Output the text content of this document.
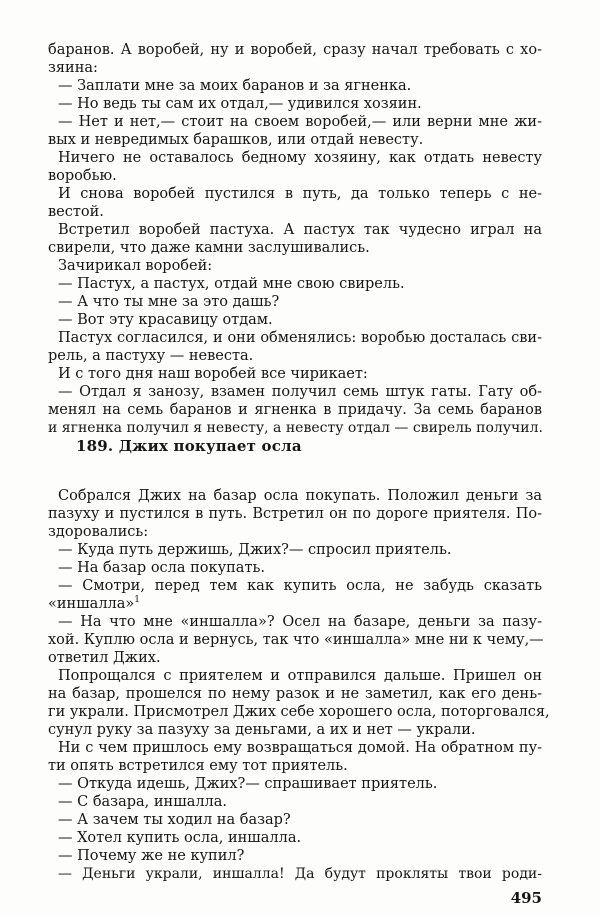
баранов. А воробей, ну и воробей, сразу начал требовать с хо-
зяина:
— Заплати мне за моих баранов и за ягненка.
— Но ведь ты сам их отдал,— удивился хозяин.
— Нет и нет,— стоит на своем воробей,— или верни мне жи-
вых и невредимых барашков, или отдай невесту.
Ничего не оставалось бедному хозяину, как отдать невесту
воробью.
И снова воробей пустился в путь, да только теперь с не-
вестой.
Встретил воробей пастуха. А пастух так чудесно играл на
свирели, что даже камни заслушивались.
Зачирикал воробей:
— Пастух, а пастух, отдай мне свою свирель.
— А что ты мне за это дашь?
— Вот эту красавицу отдам.
Пастух согласился, и они обменялись: воробью досталась сви-
рель, а пастуху — невеста.
И с того дня наш воробей все чирикает:
— Отдал я занозу, взамен получил семь штук гаты. Гату об-
менял на семь баранов и ягненка в придачу. За семь баранов
и ягненка получил я невесту, а невесту отдал — свирель получил.
189. Джих покупает осла
Собрался Джих на базар осла покупать. Положил деньги за
пазуху и пустился в путь. Встретил он по дороге приятеля. По-
здоровались:
— Куда путь держишь, Джих?— спросил приятель.
— На базар осла покупать.
— Смотри, перед тем как купить осла, не забудь сказать
«иншалла»$^1$
— На что мне «иншалла»? Осел на базаре, деньги за пазу-
хой. Куплю осла и вернусь, так что «иншалла» мне ни к чему,—
ответил Джих.
Попрощался с приятелем и отправился дальше. Пришел он
на базар, прошелся по нему разок и не заметил, как его день-
ги украли. Присмотрел Джих себе хорошего осла, поторговался,
сунул руку за пазуху за деньгами, а их и нет — украли.
Ни с чем пришлось ему возвращаться домой. На обратном пу-
ти опять встретился ему тот приятель.
— Откуда идешь, Джих?— спрашивает приятель.
— С базара, иншалла.
— А зачем ты ходил на базар?
— Хотел купить осла, иншалла.
— Почему же не купил?
— Деньги украли, иншалла! Да будут прокляты твои роди-
495
